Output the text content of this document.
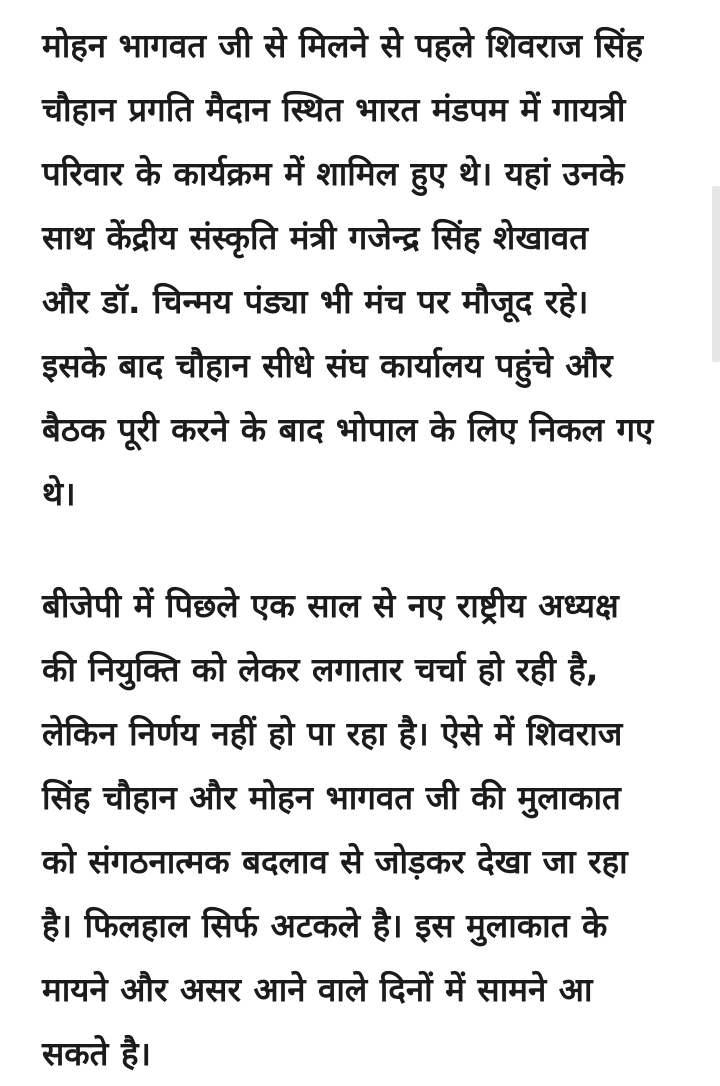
मोहन भागवत जी से मिलने से पहले शिवराज सिंह
चौहान प्रगति मैदान स्थित भारत मंडपम में गायत्री
परिवार के कार्यक्रम में शामिल हुए थे। यहां उनके
साथ केंद्रीय संस्कृति मंत्री गजेन्द्र सिंह शेखावत
और डॉ. चिन्मय पंड्या भी मंच पर मौजूद रहे।
इसके बाद चौहान सीधे संघ कार्यालय पहुंचे और
बैठक पूरी करने के बाद भोपाल के लिए निकल गए
थे।

बीजेपी में पिछले एक साल से नए राष्ट्रीय अध्यक्ष
की नियुक्ति को लेकर लगातार चर्चा हो रही है,
लेकिन निर्णय नहीं हो पा रहा है। ऐसे में शिवराज
सिंह चौहान और मोहन भागवत जी की मुलाकात
को संगठनात्मक बदलाव से जोड़कर देखा जा रहा
है। फिलहाल सिर्फ अटकले है। इस मुलाकात के
मायने और असर आने वाले दिनों में सामने आ
सकते है।
